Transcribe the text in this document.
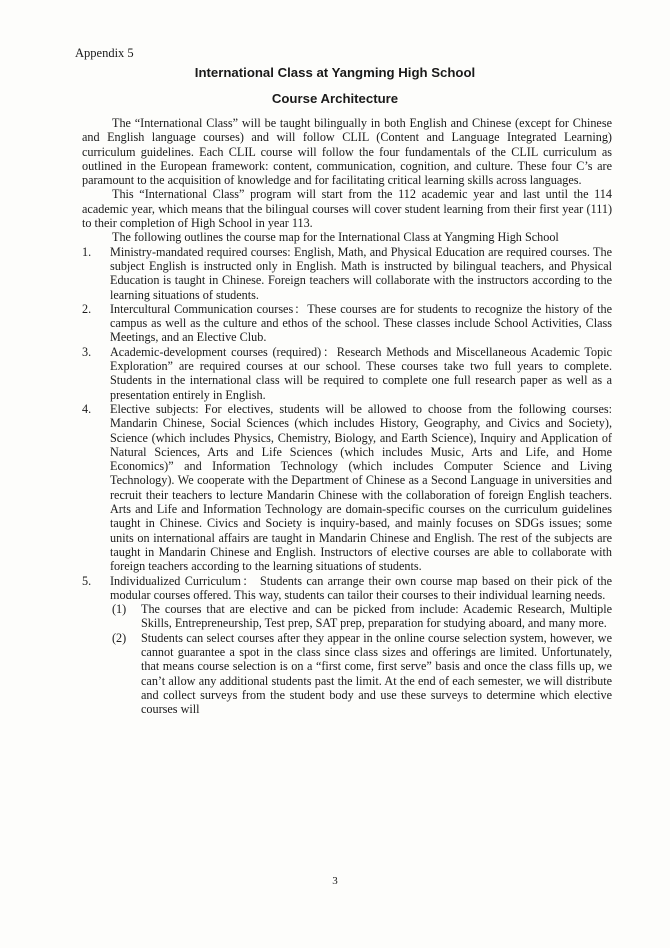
Appendix 5
International Class at Yangming High School
Course Architecture

The “International Class” will be taught bilingually in both English and Chinese (except for Chinese and English language courses) and will follow CLIL (Content and Language Integrated Learning) curriculum guidelines. Each CLIL course will follow the four fundamentals of the CLIL curriculum as outlined in the European framework: content, communication, cognition, and culture. These four C’s are paramount to the acquisition of knowledge and for facilitating critical learning skills across languages.

This “International Class” program will start from the 112 academic year and last until the 114 academic year, which means that the bilingual courses will cover student learning from their first year (111) to their completion of High School in year 113.

The following outlines the course map for the International Class at Yangming High School

1. Ministry-mandated required courses: English, Math, and Physical Education are required courses. The subject English is instructed only in English. Math is instructed by bilingual teachers, and Physical Education is taught in Chinese. Foreign teachers will collaborate with the instructors according to the learning situations of students.
2. Intercultural Communication courses：These courses are for students to recognize the history of the campus as well as the culture and ethos of the school. These classes include School Activities, Class Meetings, and an Elective Club.
3. Academic-development courses (required)：Research Methods and Miscellaneous Academic Topic Exploration” are required courses at our school. These courses take two full years to complete. Students in the international class will be required to complete one full research paper as well as a presentation entirely in English.
4. Elective subjects: For electives, students will be allowed to choose from the following courses: Mandarin Chinese, Social Sciences (which includes History, Geography, and Civics and Society), Science (which includes Physics, Chemistry, Biology, and Earth Science), Inquiry and Application of Natural Sciences, Arts and Life Sciences (which includes Music, Arts and Life, and Home Economics)” and Information Technology (which includes Computer Science and Living Technology). We cooperate with the Department of Chinese as a Second Language in universities and recruit their teachers to lecture Mandarin Chinese with the collaboration of foreign English teachers. Arts and Life and Information Technology are domain-specific courses on the curriculum guidelines taught in Chinese. Civics and Society is inquiry-based, and mainly focuses on SDGs issues; some units on international affairs are taught in Mandarin Chinese and English. The rest of the subjects are taught in Mandarin Chinese and English. Instructors of elective courses are able to collaborate with foreign teachers according to the learning situations of students.
5. Individualized Curriculum： Students can arrange their own course map based on their pick of the modular courses offered. This way, students can tailor their courses to their individual learning needs.
(1) The courses that are elective and can be picked from include: Academic Research, Multiple Skills, Entrepreneurship, Test prep, SAT prep, preparation for studying aboard, and many more.
(2) Students can select courses after they appear in the online course selection system, however, we cannot guarantee a spot in the class since class sizes and offerings are limited. Unfortunately, that means course selection is on a “first come, first serve” basis and once the class fills up, we can’t allow any additional students past the limit. At the end of each semester, we will distribute and collect surveys from the student body and use these surveys to determine which elective courses will
3
